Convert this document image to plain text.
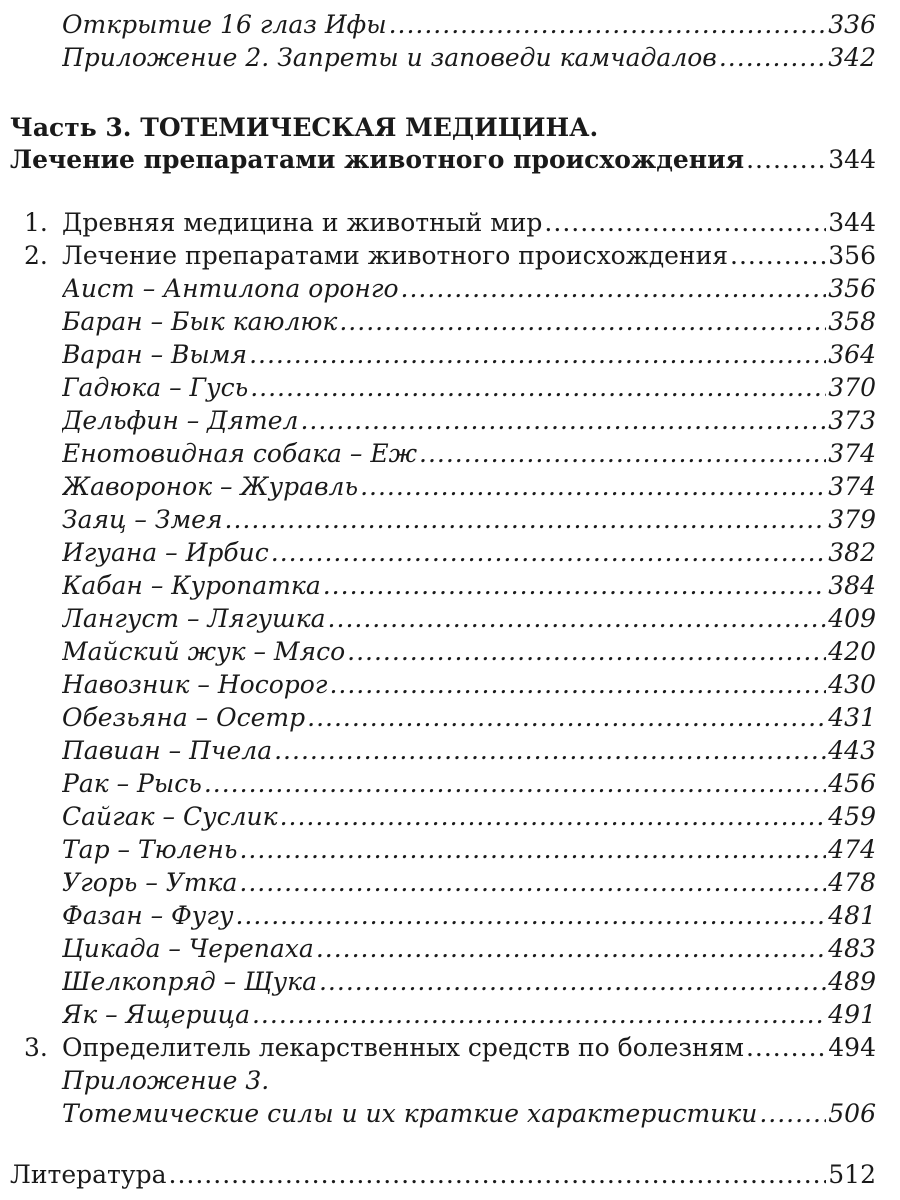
Открытие 16 глаз Ифы .....	336
Приложение 2. Запреты и заповеди камчадалов .....	342
Часть 3. ТОТЕМИЧЕСКАЯ МЕДИЦИНА.
Лечение препаратами животного происхождения .....	344
1. Древняя медицина и животный мир .....	344
2. Лечение препаратами животного происхождения .....	356
Аист – Антилопа оронго .....	356
Баран – Бык каюлюк .....	358
Варан – Вымя .....	364
Гадюка – Гусь .....	370
Дельфин – Дятел .....	373
Енотовидная собака – Еж .....	374
Жаворонок – Журавль .....	374
Заяц – Змея .....	379
Игуана – Ирбис .....	382
Кабан – Куропатка .....	384
Лангуст – Лягушка .....	409
Майский жук – Мясо .....	420
Навозник – Носорог .....	430
Обезьяна – Осетр .....	431
Павиан – Пчела .....	443
Рак – Рысь .....	456
Сайгак – Суслик .....	459
Тар – Тюлень .....	474
Угорь – Утка .....	478
Фазан – Фугу .....	481
Цикада – Черепаха .....	483
Шелкопряд – Щука .....	489
Як – Ящерица .....	491
3. Определитель лекарственных средств по болезням .....	494
Приложение 3.
Тотемические силы и их краткие характеристики .....	506
Литература .....	512
